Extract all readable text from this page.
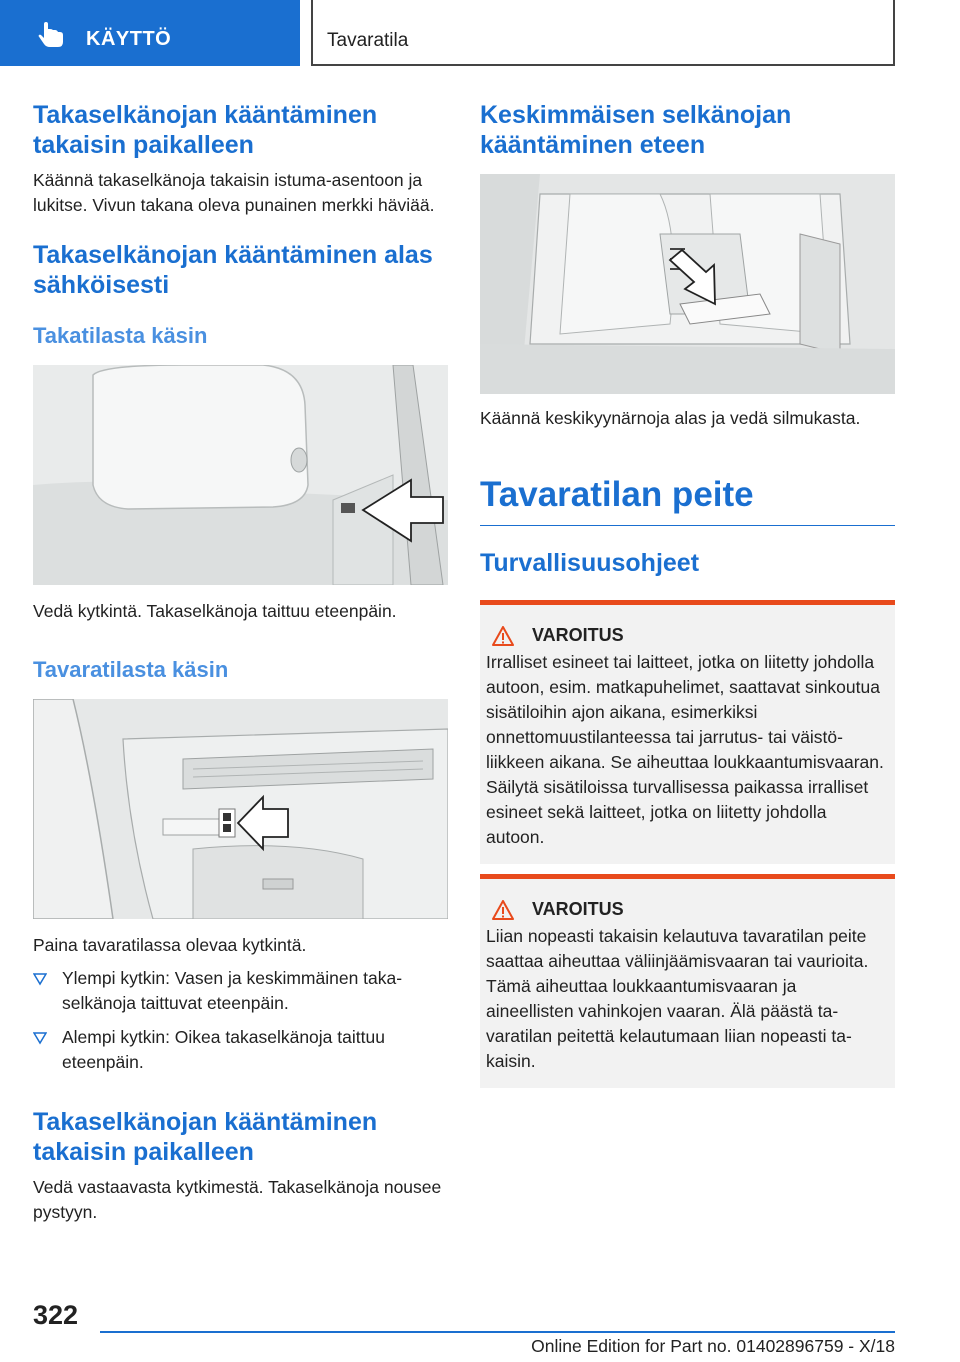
KÄYTTÖ	Tavaratila
Takaselkänojan kääntäminen takaisin paikalleen

Käännä takaselkänoja takaisin istuma-asentoon ja lukitse. Vivun takana oleva punainen merkki häviää.

Takaselkänojan kääntäminen alas sähköisesti
Takatilasta käsin

Vedä kytkintä. Takaselkänoja taittuu eteenpäin.

Tavaratilasta käsin

Paina tavaratilassa olevaa kytkintä.

Ylempi kytkin: Vasen ja keskimmäinen takaselkänoja taittuvat eteenpäin.
Alempi kytkin: Oikea takaselkänoja taittuu eteenpäin.
Takaselkänojan kääntäminen takaisin paikalleen

Vedä vastaavasta kytkimestä. Takaselkänoja nousee pystyyn.

Keskimmäisen selkänojan kääntäminen eteen

Käännä keskikyynärnoja alas ja vedä silmukasta.

Tavaratilan peite
Turvallisuusohjeet
VAROITUS

Irralliset esineet tai laitteet, jotka on liitetty johdolla autoon, esim. matkapuhelimet, saattavat sinkoutua sisätiloihin ajon aikana, esimerkiksi onnettomuustilanteessa tai jarrutus- tai väistöliikkeen aikana. Se aiheuttaa loukkaantumisvaaran. Säilytä sisätiloissa turvallisessa paikassa irralliset esineet sekä laitteet, jotka on liitetty johdolla autoon.

VAROITUS

Liian nopeasti takaisin kelautuva tavaratilan peite saattaa aiheuttaa väliinjäämisvaaran tai vaurioita. Tämä aiheuttaa loukkaantumisvaaran ja aineellisten vahinkojen vaaran. Älä päästä tavaratilan peitettä kelautumaan liian nopeasti takaisin.

322
Online Edition for Part no. 01402896759 - X/18
